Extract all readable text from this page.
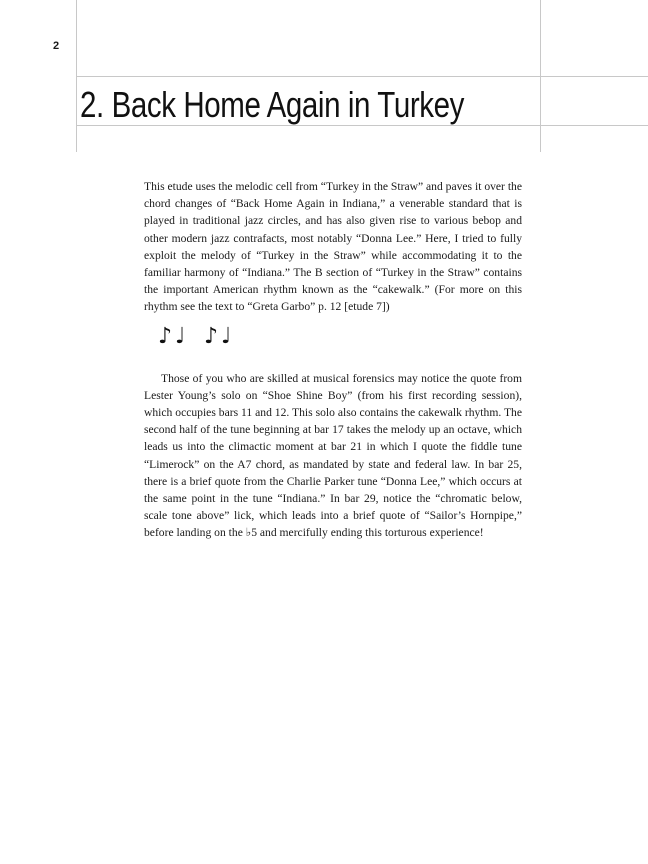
2
2. Back Home Again in Turkey

This etude uses the melodic cell from “Turkey in the Straw” and paves it over the chord changes of “Back Home Again in Indiana,” a venerable standard that is played in traditional jazz circles, and has also given rise to various bebop and other modern jazz contrafacts, most notably “Donna Lee.” Here, I tried to fully exploit the melody of “Turkey in the Straw” while accommodating it to the familiar harmony of “Indiana.” The B section of “Turkey in the Straw” contains the important American rhythm known as the “cakewalk.” (For more on this rhythm see the text to “Greta Garbo” p. 12 [etude 7])

♪ ♩ ♪ ♩

Those of you who are skilled at musical forensics may notice the quote from Lester Young’s solo on “Shoe Shine Boy” (from his first recording session), which occupies bars 11 and 12. This solo also contains the cakewalk rhythm. The second half of the tune beginning at bar 17 takes the melody up an octave, which leads us into the climactic moment at bar 21 in which I quote the fiddle tune “Limerock” on the A7 chord, as mandated by state and federal law. In bar 25, there is a brief quote from the Charlie Parker tune “Donna Lee,” which occurs at the same point in the tune “Indiana.” In bar 29, notice the “chromatic below, scale tone above” lick, which leads into a brief quote of “Sailor’s Hornpipe,” before landing on the ♭5 and mercifully ending this torturous experience!
